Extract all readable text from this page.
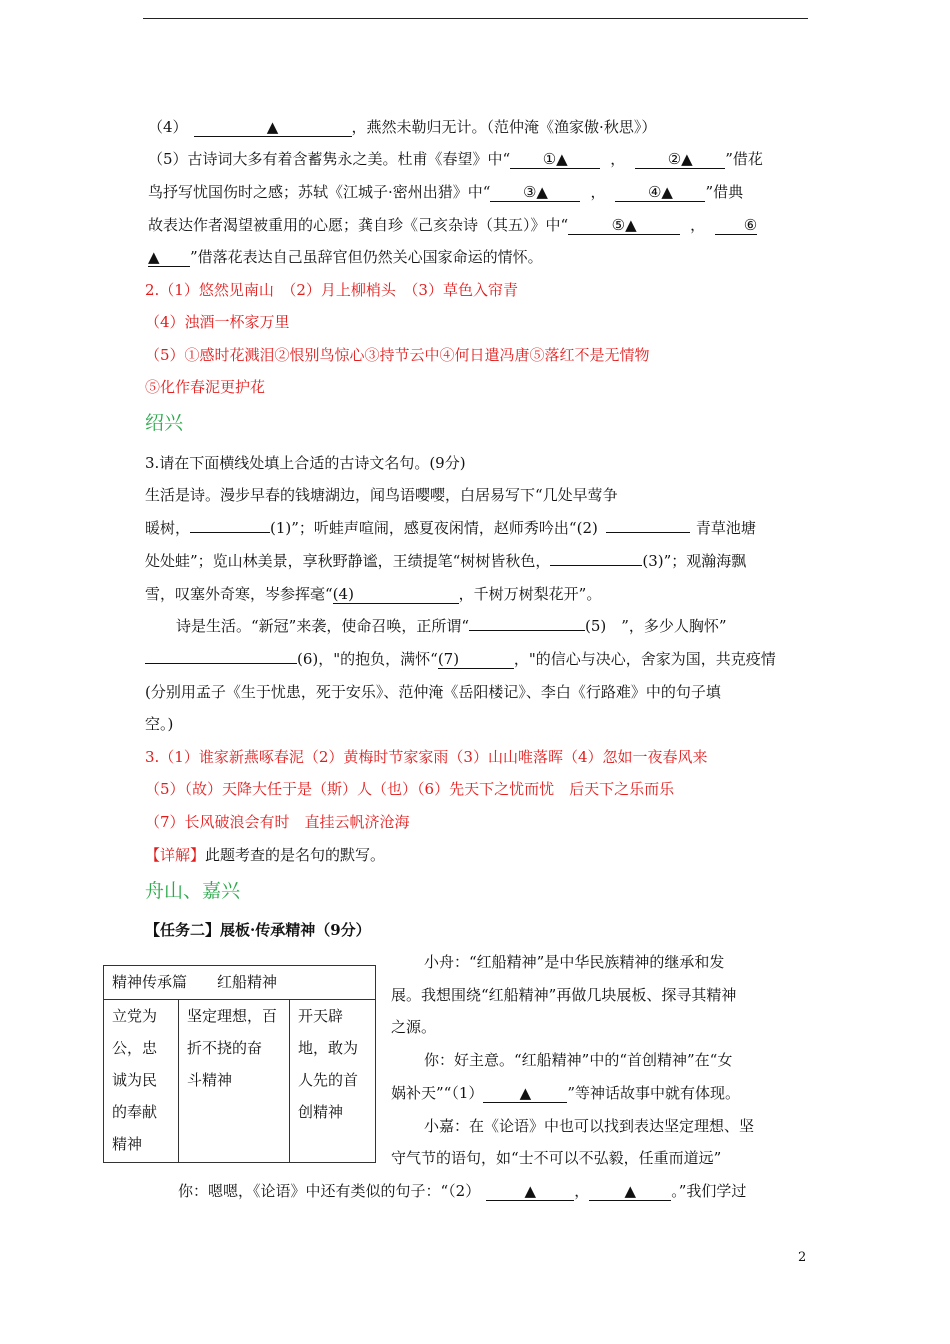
（4）	▲	，燕然未勒归无计。（范仲淹《渔家傲·秋思》）
（5）古诗词大多有着含蓄隽永之美。杜甫《春望》中“ ①▲	，	②▲ ”借花
鸟抒写忧国伤时之感；苏轼《江城子·密州出猎》中“ ③▲	，	④▲ ”借典
故表达作者渴望被重用的心愿；龚自珍《己亥杂诗（其五）》中“	⑤▲	，	⑥
▲ ”借落花表达自己虽辞官但仍然关心国家命运的情怀。
2.（1）悠然见南山　（2）月上柳梢头　（3）草色入帘青
（4）浊酒一杯家万里
（5）①感时花溅泪②恨别鸟惊心③持节云中④何日遣冯唐⑤落红不是无情物
⑤化作春泥更护花
绍兴
3.请在下面横线处填上合适的古诗文名句。(9分)
生活是诗。漫步早春的钱塘湖边，闻鸟语嘤嘤，白居易写下“几处早莺争
暖树，	(1)”；听蛙声喧闹，感夏夜闲情，赵师秀吟出“(2)	青草池塘
处处蛙”；览山林美景，享秋野静谧，王绩提笔“树树皆秋色，	(3)”；观瀚海飘
雪，叹塞外奇寒，岑参挥毫“(4)	，千树万树梨花开”。
诗是生活。“新冠”来袭，使命召唤，正所谓“	(5)　”，多少人胸怀”
(6)，"的抱负，满怀“(7)	，"的信心与决心，舍家为国，共克疫情
(分别用孟子《生于忧患，死于安乐》、范仲淹《岳阳楼记》、李白《行路难》中的句子填
空。)
3.（1）谁家新燕啄春泥（2）黄梅时节家家雨（3）山山唯落晖（4）忽如一夜春风来
（5）（故）天降大任于是（斯）人（也）（6）先天下之忧而忧　后天下之乐而乐
（7）长风破浪会有时　直挂云帆济沧海
【详解】此题考查的是名句的默写。
舟山、嘉兴
【任务二】展板·传承精神（9分）
精神传承篇　　红船精神

立党为
公，忠
诚为民
的奉献
精神

坚定理想，百
折不挠的奋
斗精神

开天辟
地，敢为
人先的首
创精神
小舟：“红船精神”是中华民族精神的继承和发
展。我想围绕“红船精神”再做几块展板、探寻其精神
之源。
你：好主意。“红船精神”中的“首创精神”在“女
娲补天”“（1） ▲ ”等神话故事中就有体现。
小嘉：在《论语》中也可以找到表达坚定理想、坚
守气节的语句，如“士不可以不弘毅，任重而道远”
你：嗯嗯，《论语》中还有类似的句子：“（2）	▲	， ▲ 。”我们学过
2
